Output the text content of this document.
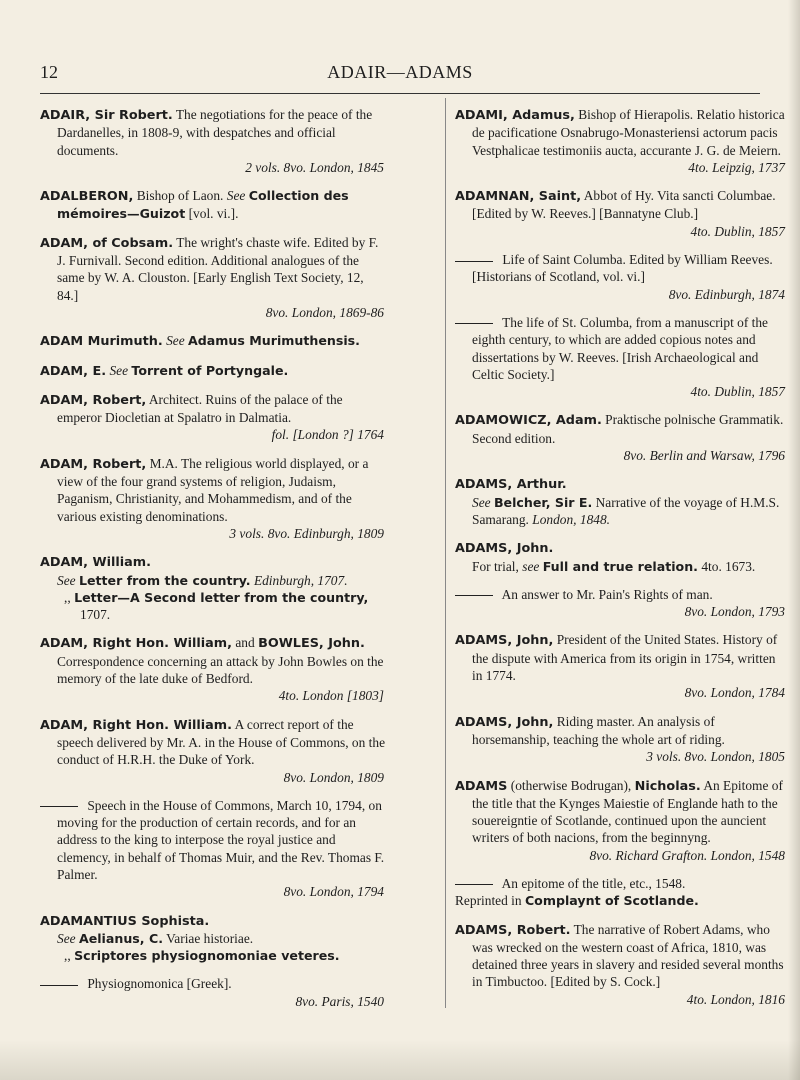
12	ADAIR—ADAMS
ADAIR, Sir Robert. The negotiations for the peace of the Dardanelles, in 1808-9, with despatches and official documents.
2 vols. 8vo. London, 1845
ADALBERON, Bishop of Laon. See Collection des mémoires—Guizot [vol. vi.].
ADAM, of Cobsam. The wright's chaste wife. Edited by F. J. Furnivall. Second edition. Additional analogues of the same by W. A. Clouston. [Early English Text Society, 12, 84.]
8vo. London, 1869-86
ADAM Murimuth. See Adamus Murimuthensis.
ADAM, E. See Torrent of Portyngale.
ADAM, Robert, Architect. Ruins of the palace of the emperor Diocletian at Spalatro in Dalmatia.
fol. [London ?] 1764
ADAM, Robert, M.A. The religious world displayed, or a view of the four grand systems of religion, Judaism, Paganism, Christianity, and Mohammedism, and of the various existing denominations.
3 vols. 8vo. Edinburgh, 1809
ADAM, William.
See Letter from the country. Edinburgh, 1707.
,, Letter—A Second letter from the country,
1707.
ADAM, Right Hon. William, and BOWLES, John. Correspondence concerning an attack by John Bowles on the memory of the late duke of Bedford.
4to. London [1803]
ADAM, Right Hon. William. A correct report of the speech delivered by Mr. A. in the House of Commons, on the conduct of H.R.H. the Duke of York.
8vo. London, 1809
Speech in the House of Commons, March 10, 1794, on moving for the production of certain records, and for an address to the king to interpose the royal justice and clemency, in behalf of Thomas Muir, and the Rev. Thomas F. Palmer.
8vo. London, 1794
ADAMANTIUS Sophista.
See Aelianus, C. Variae historiae.
,, Scriptores physiognomoniae veteres.
Physiognomonica [Greek].
8vo. Paris, 1540
ADAMI, Adamus, Bishop of Hierapolis. Relatio historica de pacificatione Osnabrugo-Monasteriensi actorum pacis Vestphalicae testimoniis aucta, accurante J. G. de Meiern.
4to. Leipzig, 1737
ADAMNAN, Saint, Abbot of Hy. Vita sancti Columbae. [Edited by W. Reeves.] [Bannatyne Club.]
4to. Dublin, 1857
Life of Saint Columba. Edited by William Reeves. [Historians of Scotland, vol. vi.]
8vo. Edinburgh, 1874
The life of St. Columba, from a manuscript of the eighth century, to which are added copious notes and dissertations by W. Reeves. [Irish Archaeological and Celtic Society.]
4to. Dublin, 1857
ADAMOWICZ, Adam. Praktische polnische Grammatik. Second edition.
8vo. Berlin and Warsaw, 1796
ADAMS, Arthur.
See Belcher, Sir E. Narrative of the voyage of H.M.S. Samarang. London, 1848.
ADAMS, John.
For trial, see Full and true relation. 4to. 1673.
An answer to Mr. Pain's Rights of man.
8vo. London, 1793
ADAMS, John, President of the United States. History of the dispute with America from its origin in 1754, written in 1774.
8vo. London, 1784
ADAMS, John, Riding master. An analysis of horsemanship, teaching the whole art of riding.
3 vols. 8vo. London, 1805
ADAMS (otherwise Bodrugan), Nicholas. An Epitome of the title that the Kynges Maiestie of Englande hath to the souereigntie of Scotlande, continued upon the auncient writers of both nacions, from the beginnyng.
8vo. Richard Grafton. London, 1548
An epitome of the title, etc., 1548.
Reprinted in Complaynt of Scotlande.
ADAMS, Robert. The narrative of Robert Adams, who was wrecked on the western coast of Africa, 1810, was detained three years in slavery and resided several months in Timbuctoo. [Edited by S. Cock.]
4to. London, 1816
